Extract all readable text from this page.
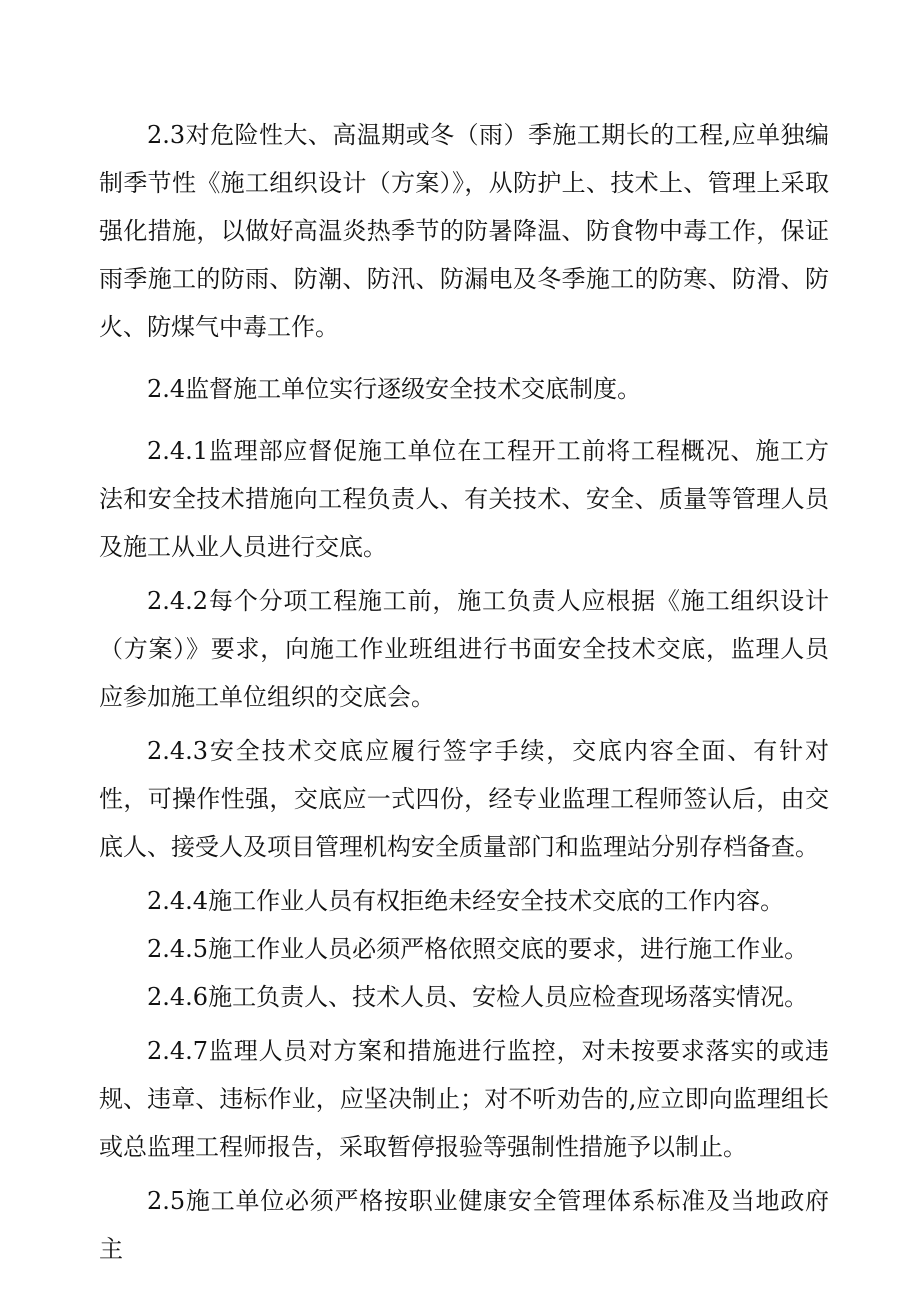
2.3对危险性大、高温期或冬（雨）季施工期长的工程,应单独编制季节性《施工组织设计（方案）》，从防护上、技术上、管理上采取强化措施，以做好高温炎热季节的防暑降温、防食物中毒工作，保证雨季施工的防雨、防潮、防汛、防漏电及冬季施工的防寒、防滑、防火、防煤气中毒工作。

2.4监督施工单位实行逐级安全技术交底制度。

2.4.1监理部应督促施工单位在工程开工前将工程概况、施工方法和安全技术措施向工程负责人、有关技术、安全、质量等管理人员及施工从业人员进行交底。

2.4.2每个分项工程施工前，施工负责人应根据《施工组织设计（方案）》要求，向施工作业班组进行书面安全技术交底，监理人员应参加施工单位组织的交底会。

2.4.3安全技术交底应履行签字手续，交底内容全面、有针对性，可操作性强，交底应一式四份，经专业监理工程师签认后，由交底人、接受人及项目管理机构安全质量部门和监理站分别存档备查。

2.4.4施工作业人员有权拒绝未经安全技术交底的工作内容。

2.4.5施工作业人员必须严格依照交底的要求，进行施工作业。

2.4.6施工负责人、技术人员、安检人员应检查现场落实情况。

2.4.7监理人员对方案和措施进行监控，对未按要求落实的或违规、违章、违标作业，应坚决制止；对不听劝告的,应立即向监理组长或总监理工程师报告，采取暂停报验等强制性措施予以制止。

2.5施工单位必须严格按职业健康安全管理体系标准及当地政府主
